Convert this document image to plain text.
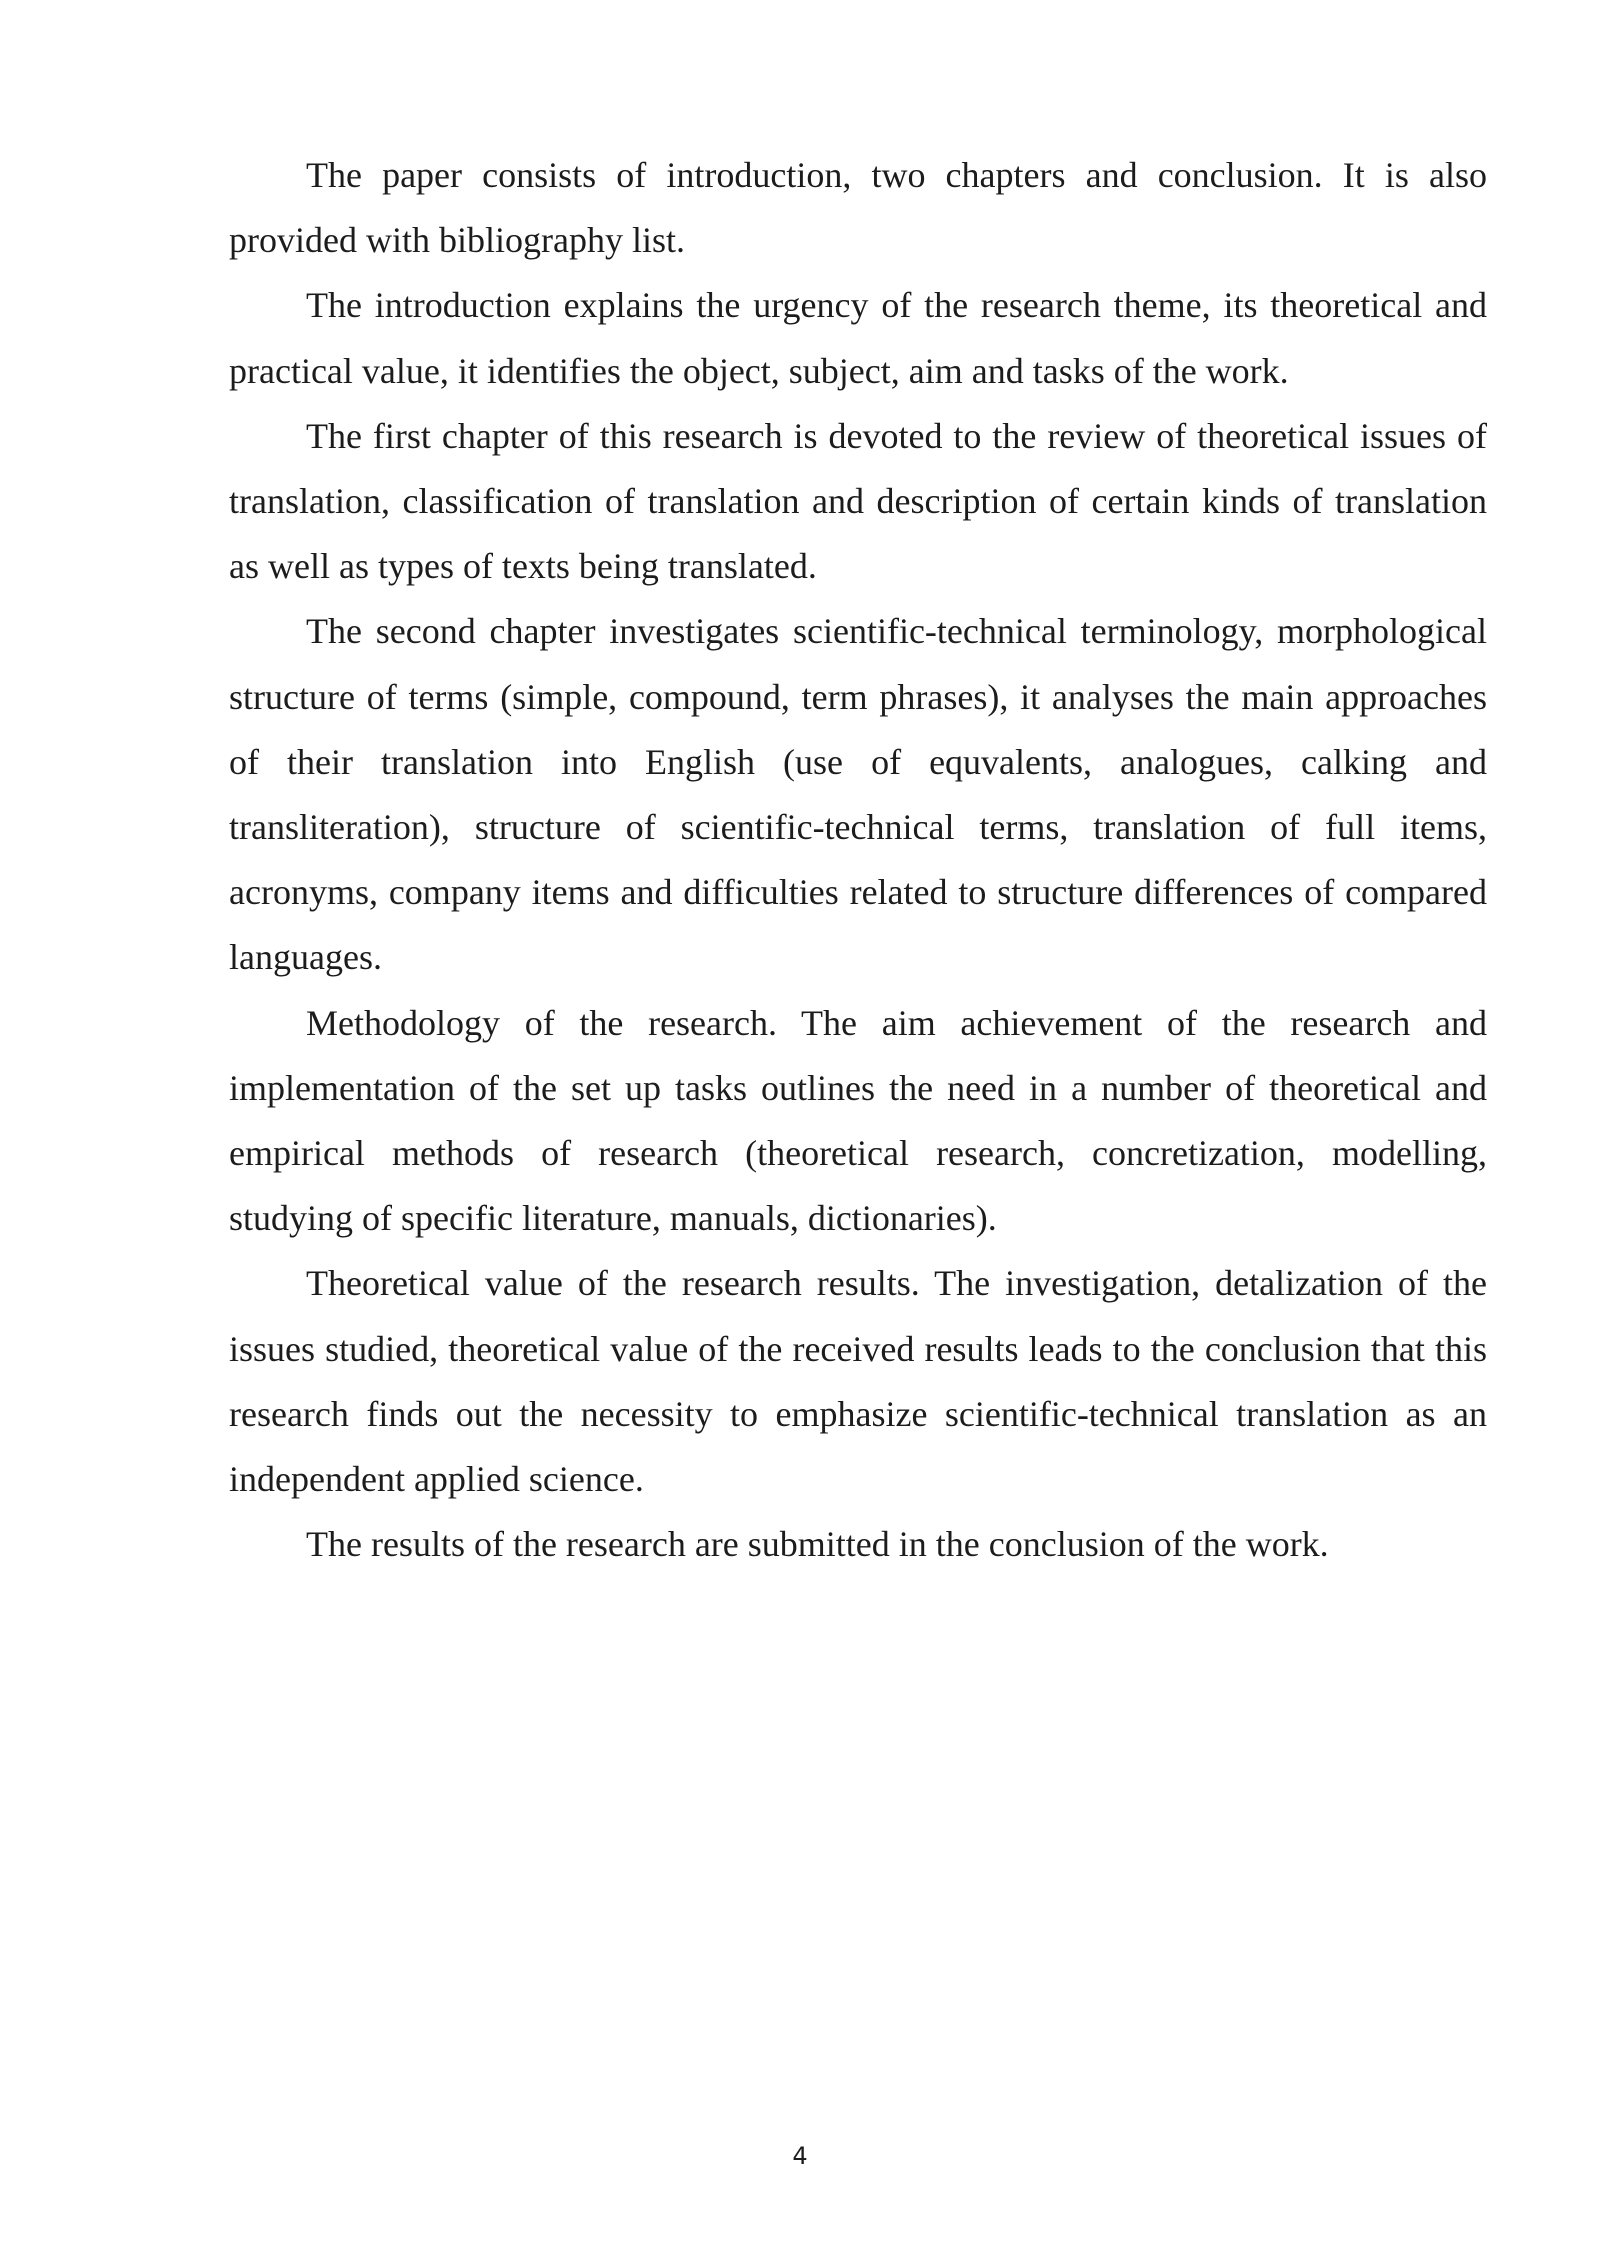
The paper consists of introduction, two chapters and conclusion. It is also provided with bibliography list.

The introduction explains the urgency of the research theme, its theoretical and practical value, it identifies the object, subject, aim and tasks of the work.

The first chapter of this research is devoted to the review of theoretical issues of translation, classification of translation and description of certain kinds of translation as well as types of texts being translated.

The second chapter investigates scientific-technical terminology, morphological structure of terms (simple, compound, term phrases), it analyses the main approaches of their translation into English (use of equvalents, analogues, calking and transliteration), structure of scientific-technical terms, translation of full items, acronyms, company items and difficulties related to structure differences of compared languages.

Methodology of the research. The aim achievement of the research and implementation of the set up tasks outlines the need in a number of theoretical and empirical methods of research (theoretical research, concretization, modelling, studying of specific literature, manuals, dictionaries).

Theoretical value of the research results. The investigation, detalization of the issues studied, theoretical value of the received results leads to the conclusion that this research finds out the necessity to emphasize scientific-technical translation as an independent applied science.

The results of the research are submitted in the conclusion of the work.

4
